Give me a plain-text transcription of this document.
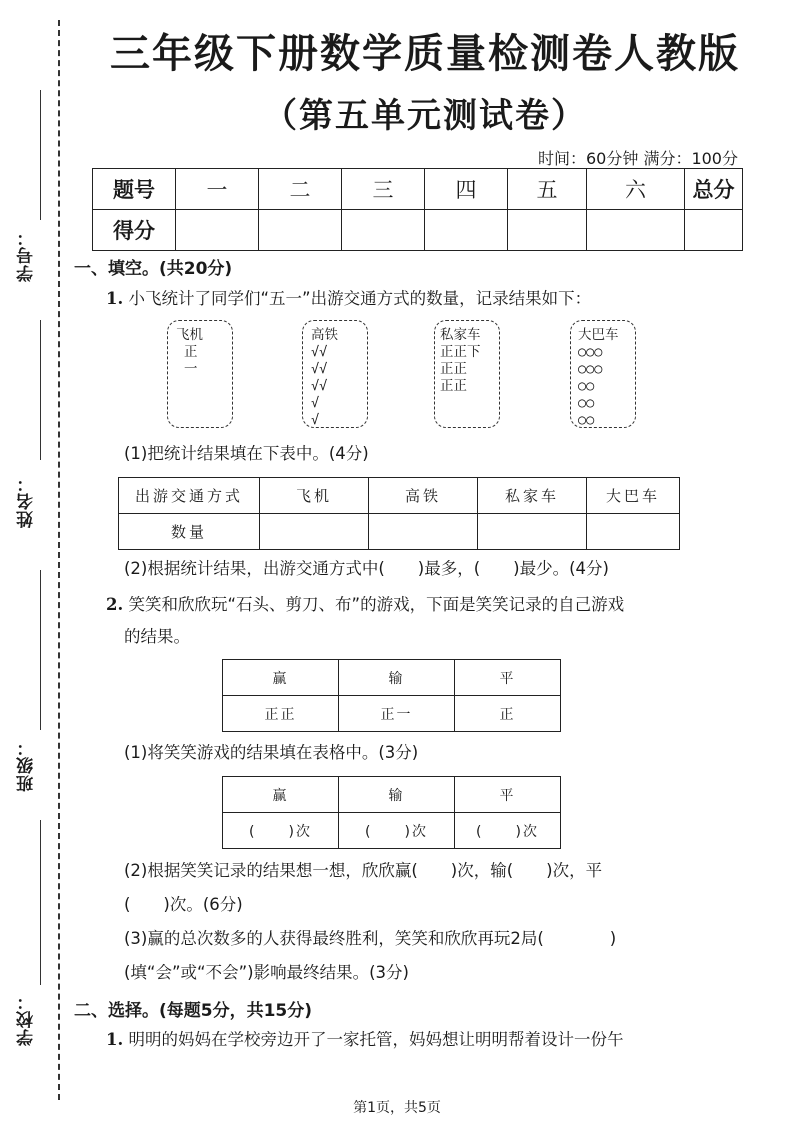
学号：
姓名：
班级：
学校：
三年级下册数学质量检测卷人教版
（第五单元测试卷）
时间：60分钟 满分：100分
题号	一	二	三	四	五	六	总分
得分							
一、填空。(共20分)
1. 小飞统计了同学们“五一”出游交通方式的数量，记录结果如下：
飞机
正
一
高铁
√√
√√
√√
√
√
私家车
正正下
正正
正正
大巴车
○○○
○○○
○○
○○
○○
(1)把统计结果填在下表中。(4分)
出游交通方式	飞机	高铁	私家车	大巴车
数量				
(2)根据统计结果，出游交通方式中(　　)最多，(　　)最少。(4分)
2. 笑笑和欣欣玩“石头、剪刀、布”的游戏，下面是笑笑记录的自己游戏
的结果。
赢	输	平
正正	正一	正
(1)将笑笑游戏的结果填在表格中。(3分)
赢	输	平
(　　)次	(　　)次	(　　)次
(2)根据笑笑记录的结果想一想，欣欣赢(　　)次，输(　　)次，平
(　　)次。(6分)
(3)赢的总次数多的人获得最终胜利，笑笑和欣欣再玩2局(　　　　)
(填“会”或“不会”)影响最终结果。(3分)
二、选择。(每题5分，共15分)
1. 明明的妈妈在学校旁边开了一家托管，妈妈想让明明帮着设计一份午
第1页，共5页
